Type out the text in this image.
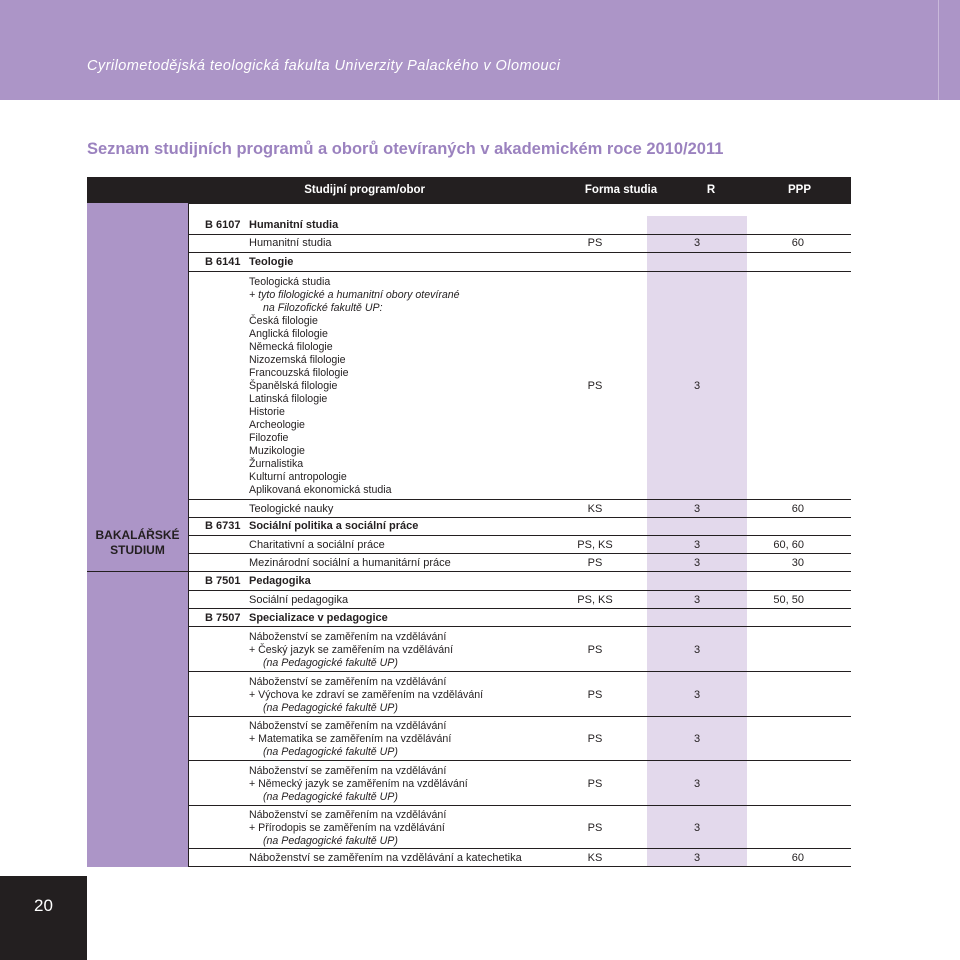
Cyrilometodějská teologická fakulta Univerzity Palackého v Olomouci
Seznam studijních programů a oborů otevíraných v akademickém roce 2010/2011
Studijní program/obor	Forma studia	R	PPP
BAKALÁŘSKÉ
STUDIUM
B 6107 Humanitní studia
Humanitní studia	PS	3	60
B 6141 Teologie
Teologická studia
+ tyto filologické a humanitní obory otevírané
na Filozofické fakultě UP:
Česká filologie
Anglická filologie
Německá filologie
Nizozemská filologie
Francouzská filologie
Španělská filologie
Latinská filologie
Historie
Archeologie
Filozofie
Muzikologie
Žurnalistika
Kulturní antropologie
Aplikovaná ekonomická studia
PS	3
Teologické nauky	KS	3	60
B 6731 Sociální politika a sociální práce
Charitativní a sociální práce	PS, KS	3	60, 60
Mezinárodní sociální a humanitární práce	PS	3	30
B 7501 Pedagogika
Sociální pedagogika	PS, KS	3	50, 50
B 7507 Specializace v pedagogice
Náboženství se zaměřením na vzdělávání
+ Český jazyk se zaměřením na vzdělávání
(na Pedagogické fakultě UP)
PS	3
Náboženství se zaměřením na vzdělávání
+ Výchova ke zdraví se zaměřením na vzdělávání
(na Pedagogické fakultě UP)
PS	3
Náboženství se zaměřením na vzdělávání
+ Matematika se zaměřením na vzdělávání
(na Pedagogické fakultě UP)
PS	3
Náboženství se zaměřením na vzdělávání
+ Německý jazyk se zaměřením na vzdělávání
(na Pedagogické fakultě UP)
PS	3
Náboženství se zaměřením na vzdělávání
+ Přírodopis se zaměřením na vzdělávání
(na Pedagogické fakultě UP)
PS	3
Náboženství se zaměřením na vzdělávání a katechetika	KS	3	60
20
